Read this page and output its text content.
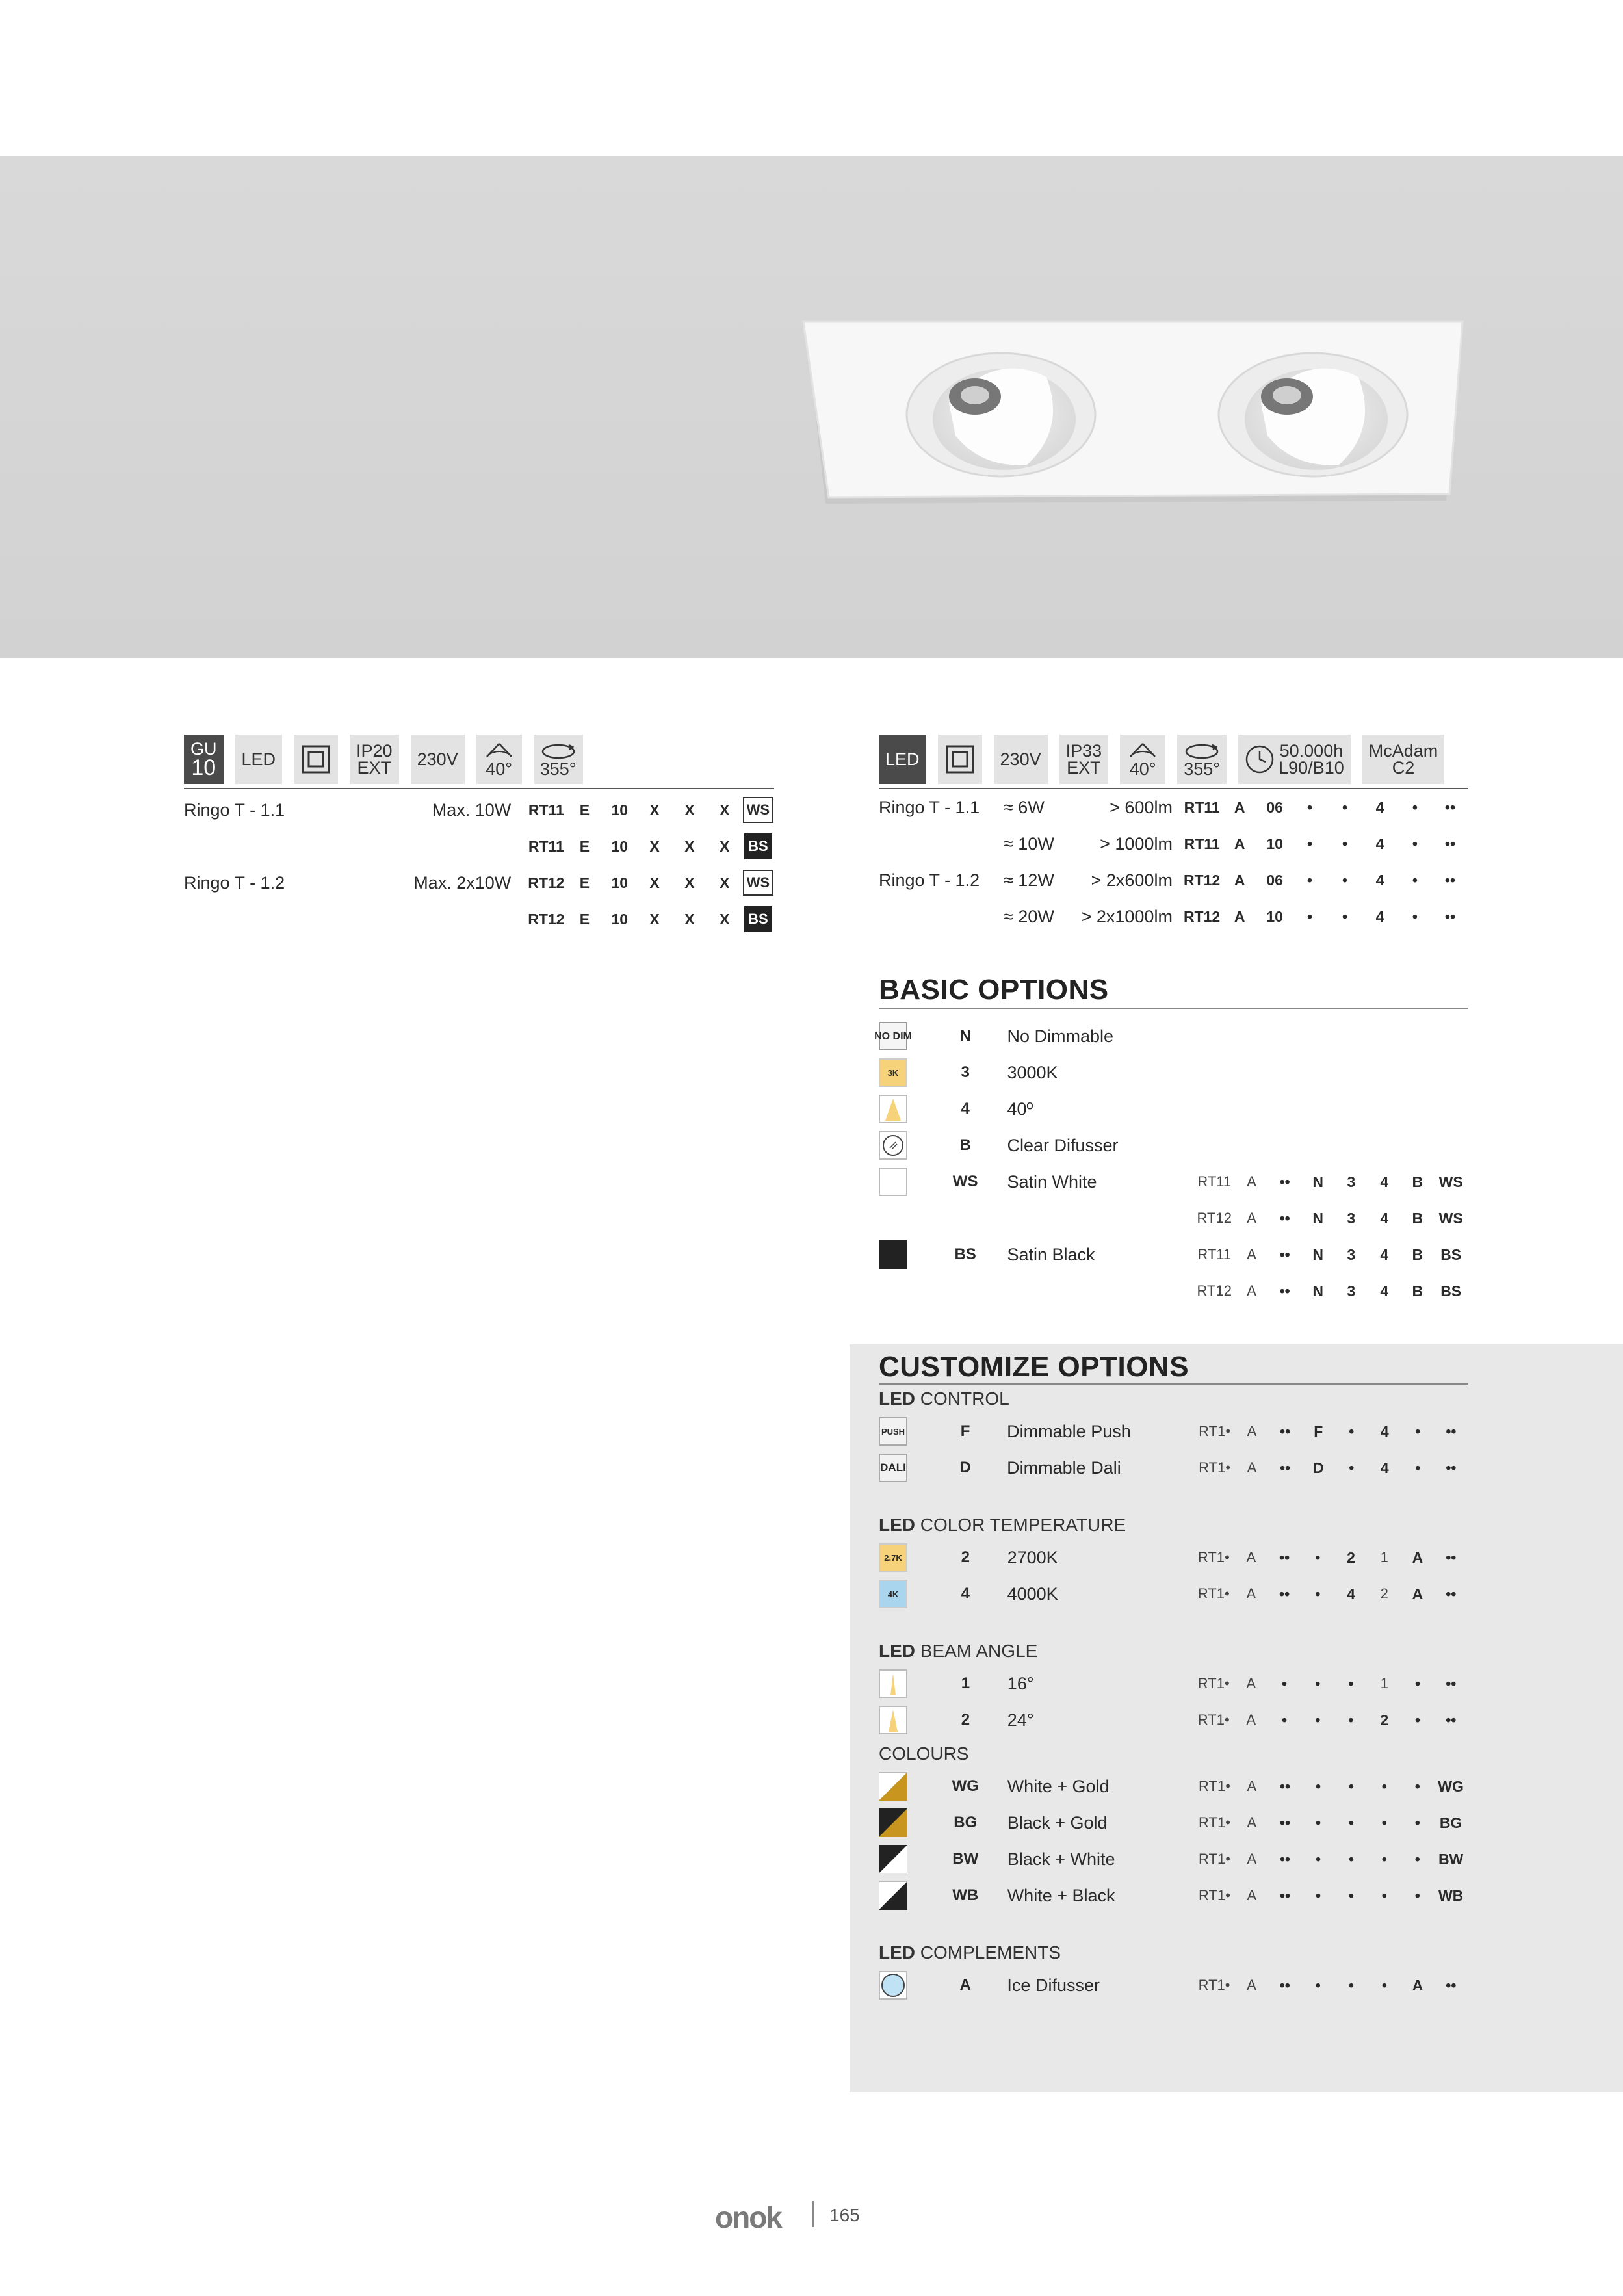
GU
10 LED	IP20
EXT 230V 40° 355°	LED	230V IP33
EXT 40° 355°
50.000h
L90/B10
McAdam
C2
Ringo T - 1.1	Max. 10W	RT11	E	10	X	X	X	WS
		RT11	E	10	X	X	X	BS
Ringo T - 1.2	Max. 2x10W	RT12	E	10	X	X	X	WS
		RT12	E	10	X	X	X	BS
Ringo T - 1.1	≈ 6W	> 600lm	RT11	A	06	•	•	4	•	••
	≈ 10W	> 1000lm	RT11	A	10	•	•	4	•	••
Ringo T - 1.2	≈ 12W	> 2x600lm	RT12	A	06	•	•	4	•	••
	≈ 20W	> 2x1000lm	RT12	A	10	•	•	4	•	••
BASIC OPTIONS
NO DIM	N	No Dimmable								

3K	3	3000K								

	4	40º								

	B	Clear Difusser								

	WS	Satin White	RT11	A	••	N	3	4	B	WS

			RT12	A	••	N	3	4	B	WS

	BS	Satin Black	RT11	A	••	N	3	4	B	BS

			RT12	A	••	N	3	4	B	BS
CUSTOMIZE OPTIONS
LED CONTROL
PUSH	F	Dimmable Push	RT1•	A	••	F	•	4	•	••

DALI	D	Dimmable Dali	RT1•	A	••	D	•	4	•	••
LED COLOR TEMPERATURE
2.7K	2	2700K	RT1•	A	••	•	2	1	A	••

4K	4	4000K	RT1•	A	••	•	4	2	A	••
LED BEAM ANGLE
	1	16°	RT1•	A	•	•	•	1	•	••

	2	24°	RT1•	A	•	•	•	2	•	••
COLOURS
	WG	White + Gold	RT1•	A	••	•	•	•	•	WG

	BG	Black + Gold	RT1•	A	••	•	•	•	•	BG

	BW	Black + White	RT1•	A	••	•	•	•	•	BW

	WB	White + Black	RT1•	A	••	•	•	•	•	WB
LED COMPLEMENTS
	A	Ice Difusser	RT1•	A	••	•	•	•	A	••
onok	165
